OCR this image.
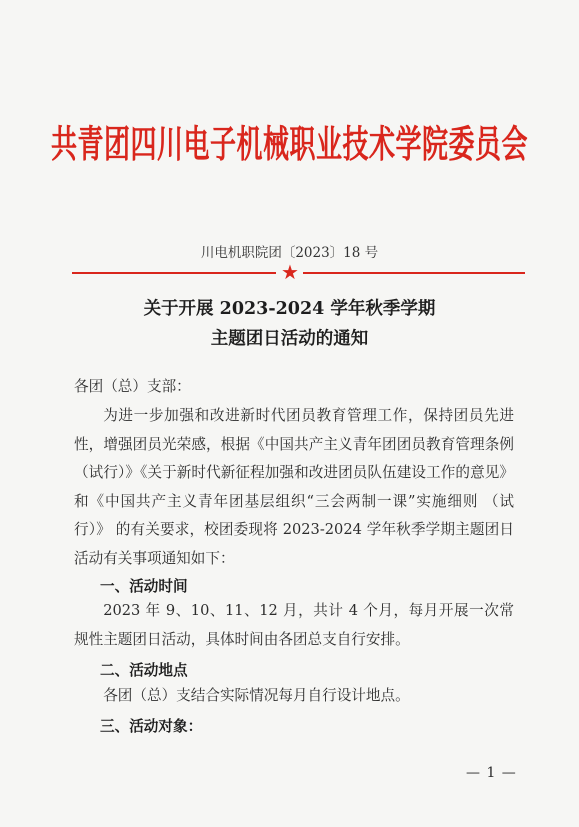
共青团四川电子机械职业技术学院委员会
川电机职院团〔2023〕18 号
★
关于开展 2023-2024 学年秋季学期
主题团日活动的通知
各团（总）支部：
为进一步加强和改进新时代团员教育管理工作，保持团员先进性，增强团员光荣感，根据《中国共产主义青年团团员教育管理条例（试行）》《关于新时代新征程加强和改进团员队伍建设工作的意见》和《中国共产主义青年团基层组织“三会两制一课”实施细则 （试行）》 的有关要求，校团委现将 2023-2024 学年秋季学期主题团日活动有关事项通知如下：
一、活动时间
2023 年 9、10、11、12 月，共计 4 个月，每月开展一次常规性主题团日活动，具体时间由各团总支自行安排。
二、活动地点
各团（总）支结合实际情况每月自行设计地点。
三、活动对象：
— 1 —
